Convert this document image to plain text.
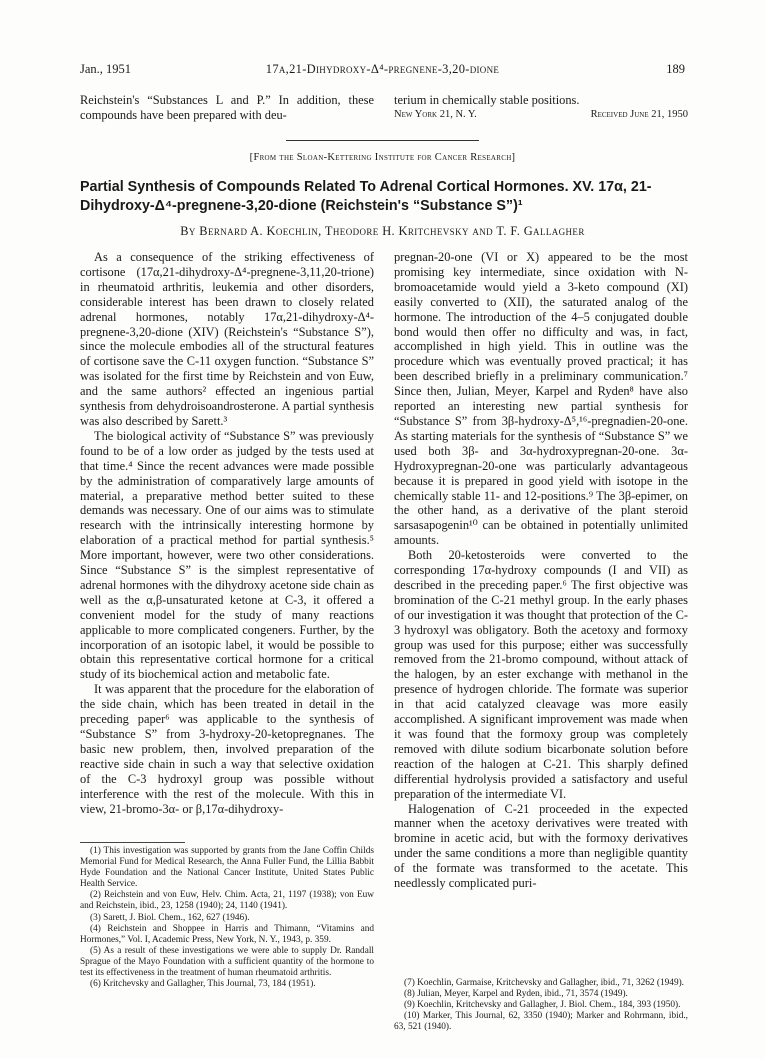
Jan., 1951	17α,21-Dihydroxy-Δ⁴-pregnene-3,20-dione	189

Reichstein's “Substances L and P.” In addition, these compounds have been prepared with deu-

terium in chemically stable positions.

New York 21, N. Y.	Received June 21, 1950
[From the Sloan-Kettering Institute for Cancer Research]
Partial Synthesis of Compounds Related To Adrenal Cortical Hormones. XV. 17α, 21-Dihydroxy-Δ⁴-pregnene-3,20-dione (Reichstein's “Substance S”)¹
By Bernard A. Koechlin, Theodore H. Kritchevsky and T. F. Gallagher

As a consequence of the striking effectiveness of cortisone (17α,21-dihydroxy-Δ⁴-pregnene-3,11,20-trione) in rheumatoid arthritis, leukemia and other disorders, considerable interest has been drawn to closely related adrenal hormones, notably 17α,21-dihydroxy-Δ⁴-pregnene-3,20-dione (XIV) (Reichstein's “Substance S”), since the molecule embodies all of the structural features of cortisone save the C-11 oxygen function. “Substance S” was isolated for the first time by Reichstein and von Euw, and the same authors² effected an ingenious partial synthesis from dehydroisoandrosterone. A partial synthesis was also described by Sarett.³

The biological activity of “Substance S” was previously found to be of a low order as judged by the tests used at that time.⁴ Since the recent advances were made possible by the administration of comparatively large amounts of material, a preparative method better suited to these demands was necessary. One of our aims was to stimulate research with the intrinsically interesting hormone by elaboration of a practical method for partial synthesis.⁵ More important, however, were two other considerations. Since “Substance S” is the simplest representative of adrenal hormones with the dihydroxy acetone side chain as well as the α,β-unsaturated ketone at C-3, it offered a convenient model for the study of many reactions applicable to more complicated congeners. Further, by the incorporation of an isotopic label, it would be possible to obtain this representative cortical hormone for a critical study of its biochemical action and metabolic fate.

It was apparent that the procedure for the elaboration of the side chain, which has been treated in detail in the preceding paper⁶ was applicable to the synthesis of “Substance S” from 3-hydroxy-20-ketopregnanes. The basic new problem, then, involved preparation of the reactive side chain in such a way that selective oxidation of the C-3 hydroxyl group was possible without interference with the rest of the molecule. With this in view, 21-bromo-3α- or β,17α-dihydroxy-

pregnan-20-one (VI or X) appeared to be the most promising key intermediate, since oxidation with N-bromoacetamide would yield a 3-keto compound (XI) easily converted to (XII), the saturated analog of the hormone. The introduction of the 4–5 conjugated double bond would then offer no difficulty and was, in fact, accomplished in high yield. This in outline was the procedure which was eventually proved practical; it has been described briefly in a preliminary communication.⁷ Since then, Julian, Meyer, Karpel and Ryden⁸ have also reported an interesting new partial synthesis for “Substance S” from 3β-hydroxy-Δ⁵,¹⁶-pregnadien-20-one. As starting materials for the synthesis of “Substance S” we used both 3β- and 3α-hydroxypregnan-20-one. 3α-Hydroxypregnan-20-one was particularly advantageous because it is prepared in good yield with isotope in the chemically stable 11- and 12-positions.⁹ The 3β-epimer, on the other hand, as a derivative of the plant steroid sarsasapogenin¹⁰ can be obtained in potentially unlimited amounts.

Both 20-ketosteroids were converted to the corresponding 17α-hydroxy compounds (I and VII) as described in the preceding paper.⁶ The first objective was bromination of the C-21 methyl group. In the early phases of our investigation it was thought that protection of the C-3 hydroxyl was obligatory. Both the acetoxy and formoxy group was used for this purpose; either was successfully removed from the 21-bromo compound, without attack of the halogen, by an ester exchange with methanol in the presence of hydrogen chloride. The formate was superior in that acid catalyzed cleavage was more easily accomplished. A significant improvement was made when it was found that the formoxy group was completely removed with dilute sodium bicarbonate solution before reaction of the halogen at C-21. This sharply defined differential hydrolysis provided a satisfactory and useful preparation of the intermediate VI.

Halogenation of C-21 proceeded in the expected manner when the acetoxy derivatives were treated with bromine in acetic acid, but with the formoxy derivatives under the same conditions a more than negligible quantity of the formate was transformed to the acetate. This needlessly complicated puri-

(1) This investigation was supported by grants from the Jane Coffin Childs Memorial Fund for Medical Research, the Anna Fuller Fund, the Lillia Babbit Hyde Foundation and the National Cancer Institute, United States Public Health Service.

(2) Reichstein and von Euw, Helv. Chim. Acta, 21, 1197 (1938); von Euw and Reichstein, ibid., 23, 1258 (1940); 24, 1140 (1941).

(3) Sarett, J. Biol. Chem., 162, 627 (1946).

(4) Reichstein and Shoppee in Harris and Thimann, “Vitamins and Hormones,” Vol. I, Academic Press, New York, N. Y., 1943, p. 359.

(5) As a result of these investigations we were able to supply Dr. Randall Sprague of the Mayo Foundation with a sufficient quantity of the hormone to test its effectiveness in the treatment of human rheumatoid arthritis.

(6) Kritchevsky and Gallagher, This Journal, 73, 184 (1951).	(7) Koechlin, Garmaise, Kritchevsky and Gallagher, ibid., 71, 3262 (1949).

(8) Julian, Meyer, Karpel and Ryden, ibid., 71, 3574 (1949).

(9) Koechlin, Kritchevsky and Gallagher, J. Biol. Chem., 184, 393 (1950).

(10) Marker, This Journal, 62, 3350 (1940); Marker and Rohrmann, ibid., 63, 521 (1940).
